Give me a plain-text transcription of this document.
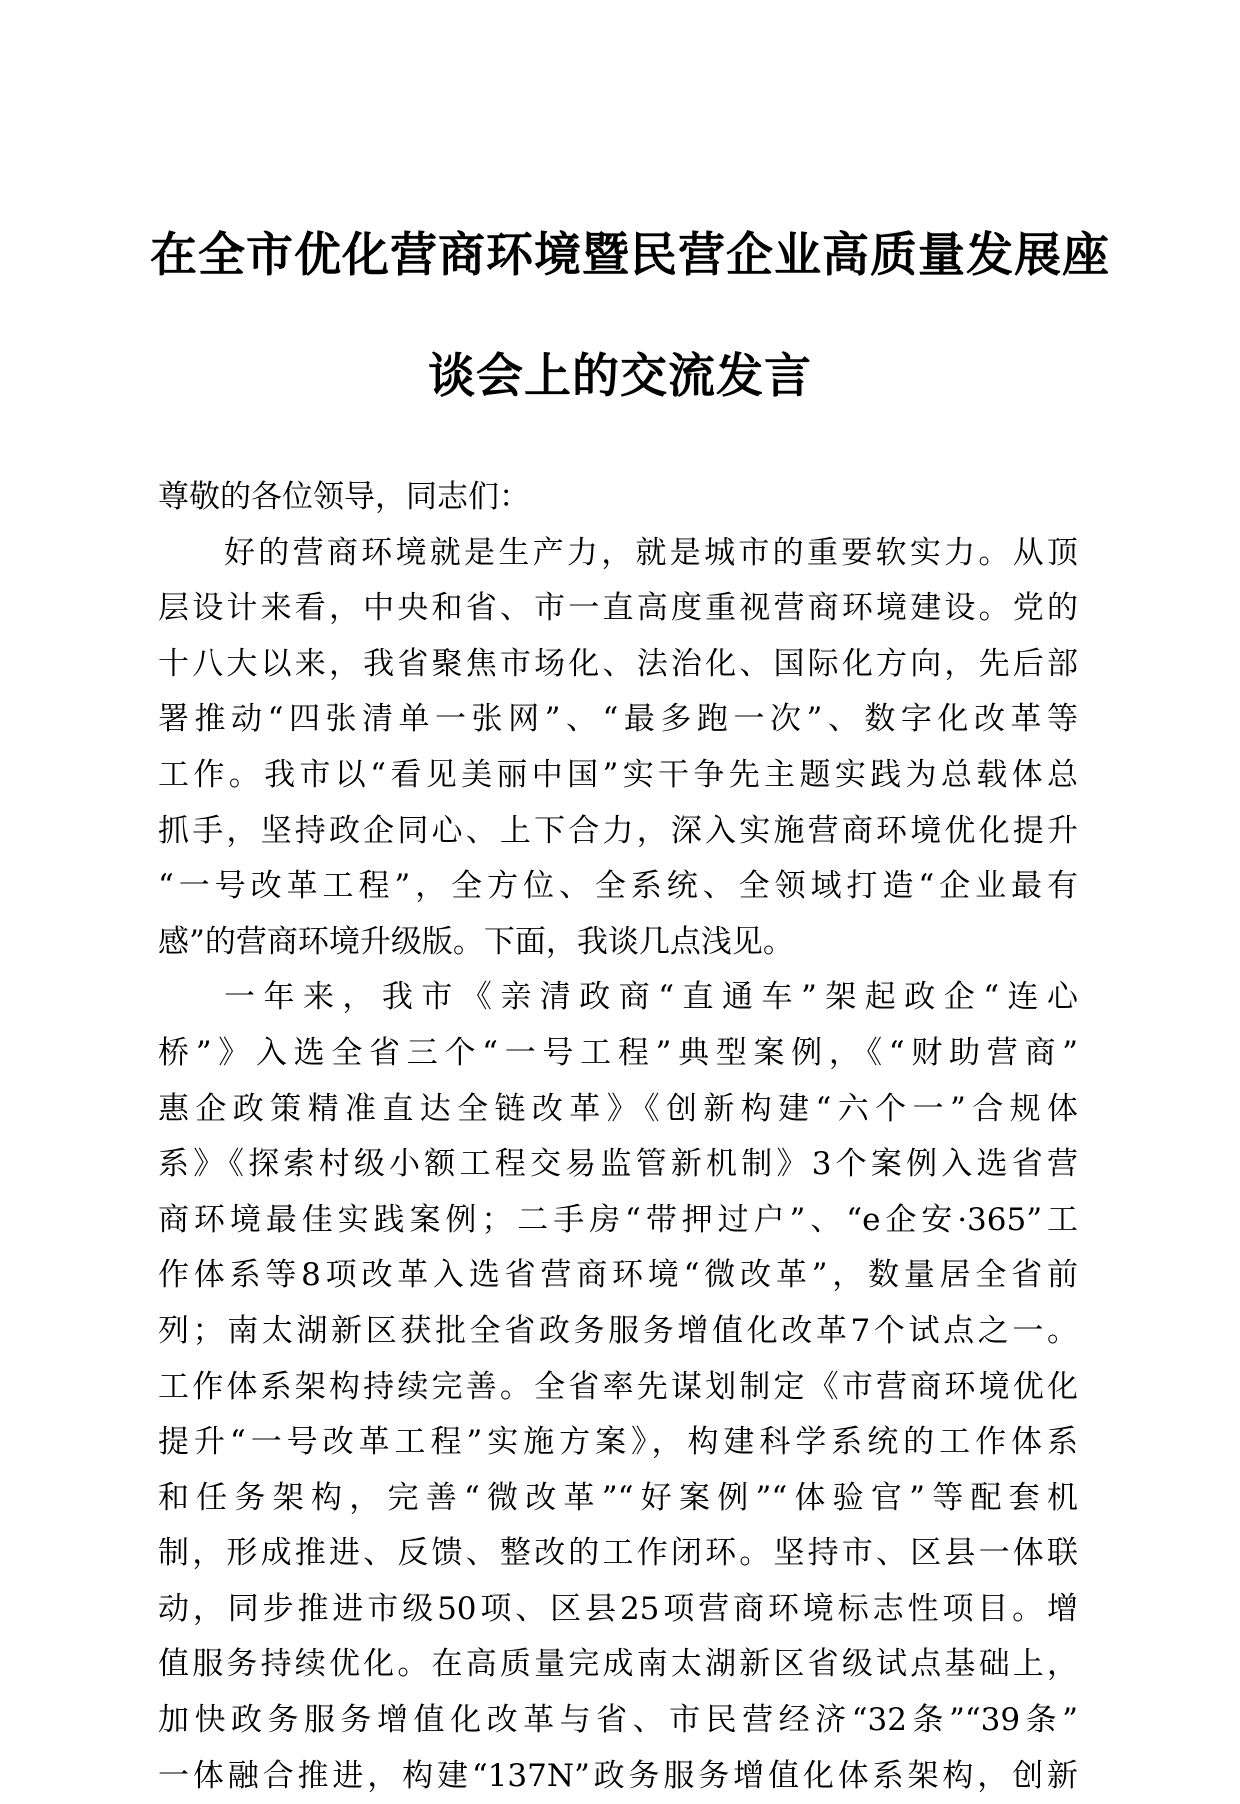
在全市优化营商环境暨民营企业高质量发展座
谈会上的交流发言
尊敬的各位领导，同志们：
好的营商环境就是生产力，就是城市的重要软实力。从顶
层设计来看，中央和省、市一直高度重视营商环境建设。党的
十八大以来，我省聚焦市场化、法治化、国际化方向，先后部
署推动“四张清单一张网”、“最多跑一次”、数字化改革等
工作。我市以“看见美丽中国”实干争先主题实践为总载体总
抓手，坚持政企同心、上下合力，深入实施营商环境优化提升
“一号改革工程”，全方位、全系统、全领域打造“企业最有
感”的营商环境升级版。下面，我谈几点浅见。
一年来，我市《亲清政商“直通车”架起政企“连心
桥”》入选全省三个“一号工程”典型案例，《“财助营商”
惠企政策精准直达全链改革》《创新构建“六个一”合规体
系》《探索村级小额工程交易监管新机制》3个案例入选省营
商环境最佳实践案例；二手房“带押过户”、“e企安·365”工
作体系等8项改革入选省营商环境“微改革”，数量居全省前
列；南太湖新区获批全省政务服务增值化改革7个试点之一。
工作体系架构持续完善。全省率先谋划制定《市营商环境优化
提升“一号改革工程”实施方案》，构建科学系统的工作体系
和任务架构，完善“微改革”“好案例”“体验官”等配套机
制，形成推进、反馈、整改的工作闭环。坚持市、区县一体联
动，同步推进市级50项、区县25项营商环境标志性项目。增
值服务持续优化。在高质量完成南太湖新区省级试点基础上，
加快政务服务增值化改革与省、市民营经济“32条”“39条”
一体融合推进，构建“137N”政务服务增值化体系架构，创新
